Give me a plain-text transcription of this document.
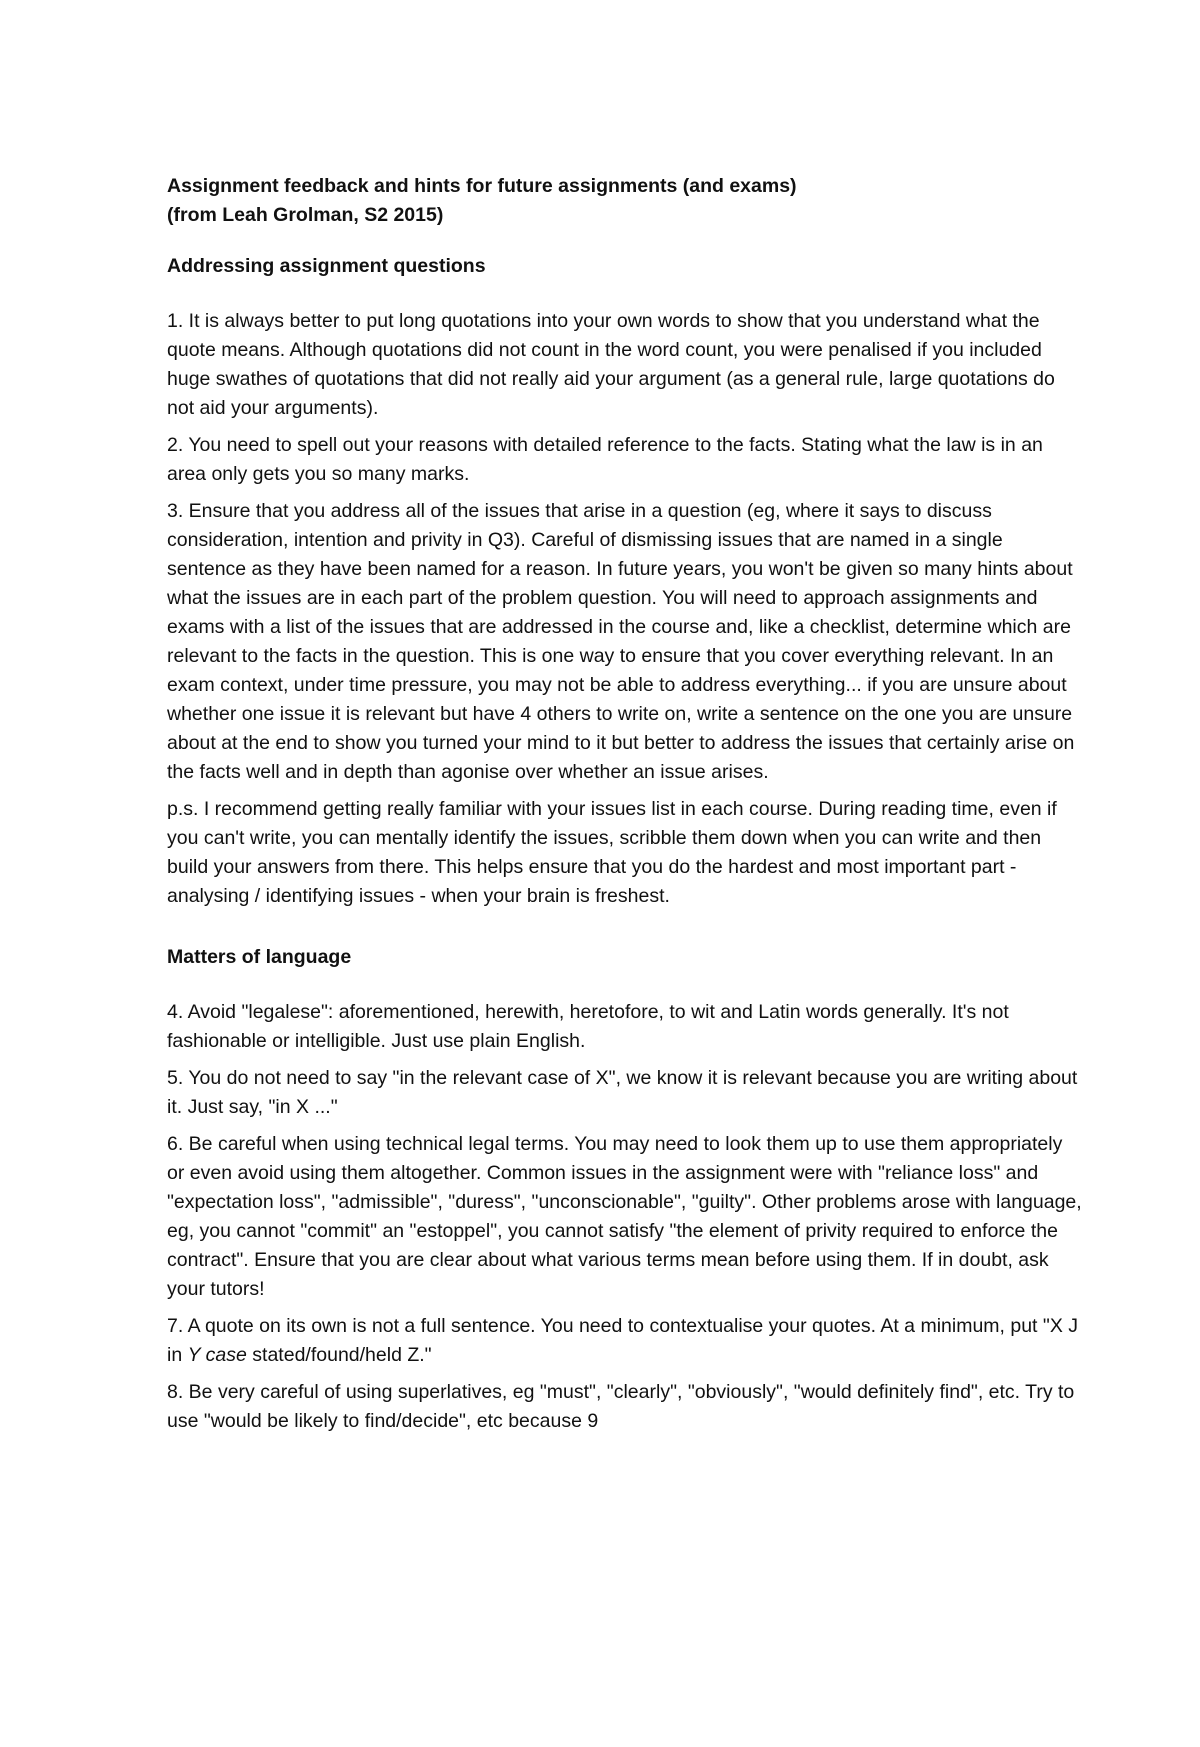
Assignment feedback and hints for future assignments (and exams)
(from Leah Grolman, S2 2015)

Addressing assignment questions

1. It is always better to put long quotations into your own words to show that you understand what the quote means. Although quotations did not count in the word count, you were penalised if you included huge swathes of quotations that did not really aid your argument (as a general rule, large quotations do not aid your arguments).

2. You need to spell out your reasons with detailed reference to the facts. Stating what the law is in an area only gets you so many marks.

3. Ensure that you address all of the issues that arise in a question (eg, where it says to discuss consideration, intention and privity in Q3). Careful of dismissing issues that are named in a single sentence as they have been named for a reason. In future years, you won't be given so many hints about what the issues are in each part of the problem question. You will need to approach assignments and exams with a list of the issues that are addressed in the course and, like a checklist, determine which are relevant to the facts in the question. This is one way to ensure that you cover everything relevant. In an exam context, under time pressure, you may not be able to address everything... if you are unsure about whether one issue it is relevant but have 4 others to write on, write a sentence on the one you are unsure about at the end to show you turned your mind to it but better to address the issues that certainly arise on the facts well and in depth than agonise over whether an issue arises.

p.s. I recommend getting really familiar with your issues list in each course. During reading time, even if you can't write, you can mentally identify the issues, scribble them down when you can write and then build your answers from there. This helps ensure that you do the hardest and most important part - analysing / identifying issues - when your brain is freshest.

Matters of language

4. Avoid "legalese": aforementioned, herewith, heretofore, to wit and Latin words generally. It's not fashionable or intelligible. Just use plain English.

5. You do not need to say "in the relevant case of X", we know it is relevant because you are writing about it. Just say, "in X ..."

6. Be careful when using technical legal terms. You may need to look them up to use them appropriately or even avoid using them altogether. Common issues in the assignment were with "reliance loss" and "expectation loss", "admissible", "duress", "unconscionable", "guilty". Other problems arose with language, eg, you cannot "commit" an "estoppel", you cannot satisfy "the element of privity required to enforce the contract". Ensure that you are clear about what various terms mean before using them. If in doubt, ask your tutors!

7. A quote on its own is not a full sentence. You need to contextualise your quotes. At a minimum, put "X J in Y case stated/found/held Z."

8. Be very careful of using superlatives, eg "must", "clearly", "obviously", "would definitely find", etc. Try to use "would be likely to find/decide", etc because 9
